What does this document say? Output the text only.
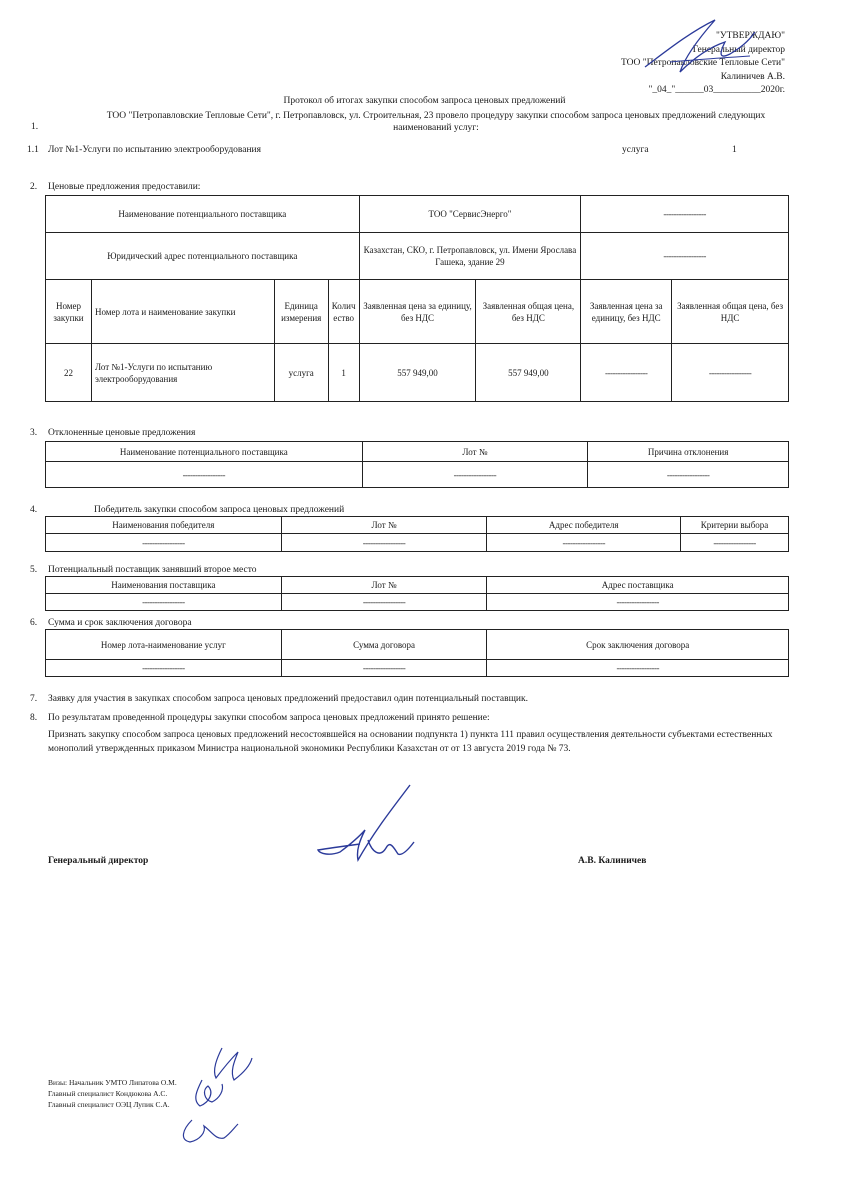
"УТВЕРЖДАЮ"
Генеральный директор
ТОО "Петропавловские Тепловые Сети"
Калиничев А.В.
"_04_"______03__________2020г.
Протокол об итогах закупки способом запроса ценовых предложений
1.
ТОО "Петропавловские Тепловые Сети", г. Петропавловск, ул. Строительная, 23 провело процедуру закупки способом запроса ценовых предложений следующих наименований услуг:
1.1 Лот №1-Услуги по испытанию электрооборудования	услуга	1
2. Ценовые предложения предоставили:
Наименование потенциального поставщика				ТОО "СервисЭнерго"		-----------------	
Юридический адрес потенциального поставщика				Казахстан, СКО, г. Петропавловск, ул. Имени Ярослава Гашека, здание 29		-----------------	
Номер закупки	Номер лота и наименование закупки	Единица измерения	Количество	Заявленная цена за единицу, без НДС	Заявленная общая цена, без НДС	Заявленная цена за единицу, без НДС	Заявленная общая цена, без НДС
22	Лот №1-Услуги по испытанию электрооборудования	услуга	1	557 949,00	557 949,00	-----------------	-----------------
3. Отклоненные ценовые предложения
Наименование потенциального поставщика	Лот №	Причина отклонения
-----------------	-----------------	-----------------
4.	Победитель закупки способом запроса ценовых предложений
Наименования победителя	Лот №	Адрес победителя	Критерии выбора
-----------------	-----------------	-----------------	-----------------
5. Потенциальный поставщик занявший второе место
Наименования поставщика	Лот №	Адрес поставщика
-----------------	-----------------	-----------------
6. Сумма и срок заключения договора
Номер лота-наименование услуг	Сумма договора	Срок заключения договора
-----------------	-----------------	-----------------
7. Заявку для участия в закупках способом запроса ценовых предложений предоставил один потенциальный поставщик.
8. По результатам проведенной процедуры закупки способом запроса ценовых предложений принято решение:
Признать закупку способом запроса ценовых предложений несостоявшейся на основании подпункта 1) пункта 111 правил осуществления деятельности субъектами естественных монополий утвержденных приказом Министра национальной экономики Республики Казахстан от от 13 августа 2019 года № 73.
Генеральный директор	А.В. Калиничев
Визы: Начальник УМТО Липатова О.М.
Главный специалист Кондюкова А.С.
Главный специалист ОЭЦ Лупик С.А.
